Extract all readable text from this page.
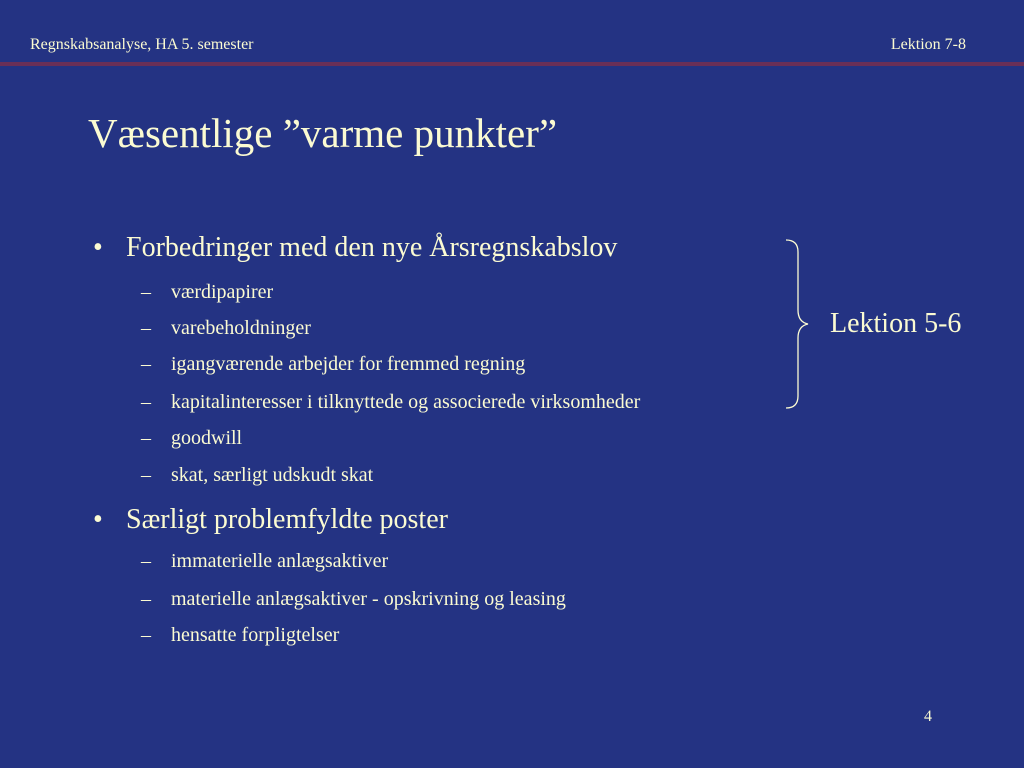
Regnskabsanalyse, HA 5. semester	Lektion 7-8
Væsentlige ”varme punkter”
• Forbedringer med den nye Årsregnskabslov
– værdipapirer
– varebeholdninger
– igangværende arbejder for fremmed regning
– kapitalinteresser i tilknyttede og associerede virksomheder
– goodwill
– skat, særligt udskudt skat
• Særligt problemfyldte poster
– immaterielle anlægsaktiver
– materielle anlægsaktiver - opskrivning og leasing
– hensatte forpligtelser
Lektion 5-6
4
